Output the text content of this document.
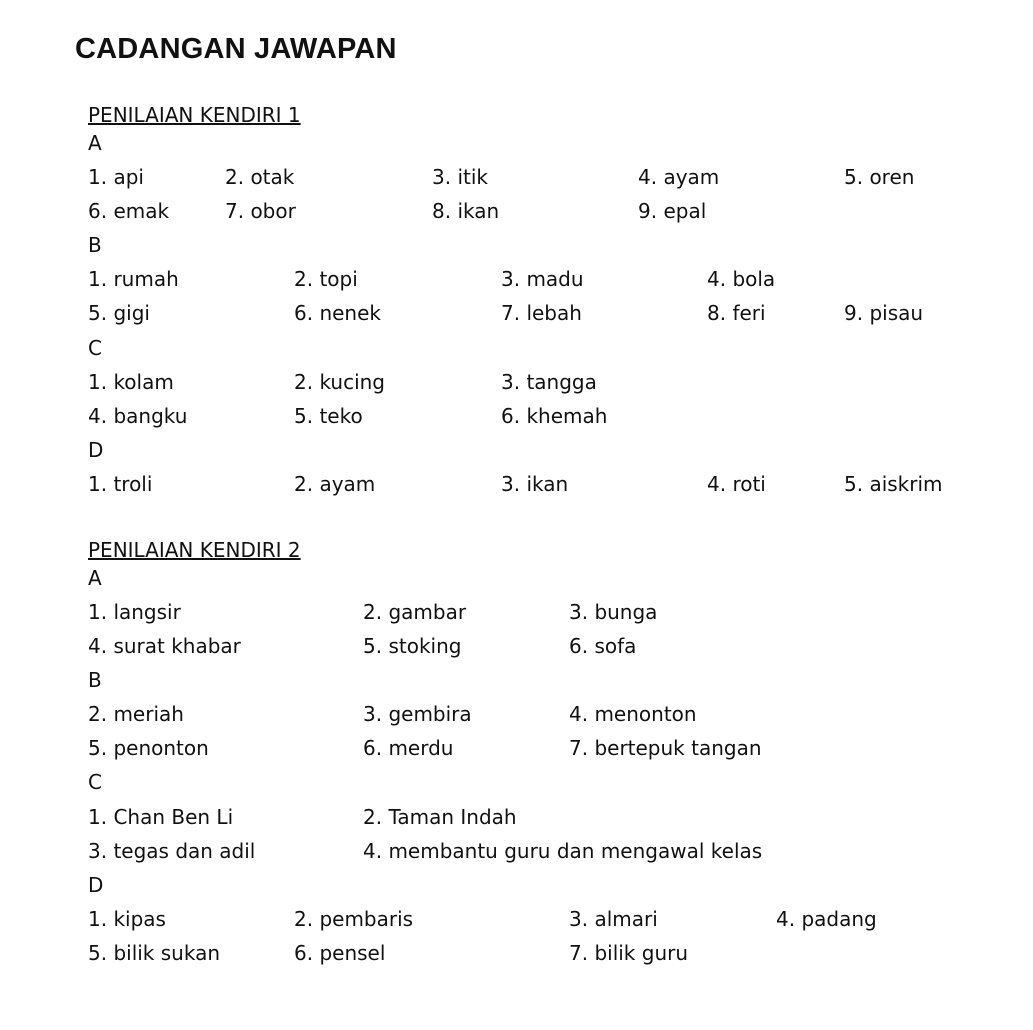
CADANGAN JAWAPAN
PENILAIAN KENDIRI 1
A
1. api	2. otak	3. itik	4. ayam	5. oren
6. emak	7. obor	8. ikan	9. epal
B
1. rumah	2. topi	3. madu	4. bola
5. gigi	6. nenek	7. lebah	8. feri	9. pisau
C
1. kolam	2. kucing	3. tangga
4. bangku	5. teko	6. khemah
D
1. troli	2. ayam	3. ikan	4. roti	5. aiskrim
PENILAIAN KENDIRI 2
A
1. langsir	2. gambar	3. bunga
4. surat khabar	5. stoking	6. sofa
B
2. meriah	3. gembira	4. menonton
5. penonton	6. merdu	7. bertepuk tangan
C
1. Chan Ben Li	2. Taman Indah
3. tegas dan adil	4. membantu guru dan mengawal kelas
D
1. kipas	2. pembaris	3. almari	4. padang
5. bilik sukan	6. pensel	7. bilik guru
